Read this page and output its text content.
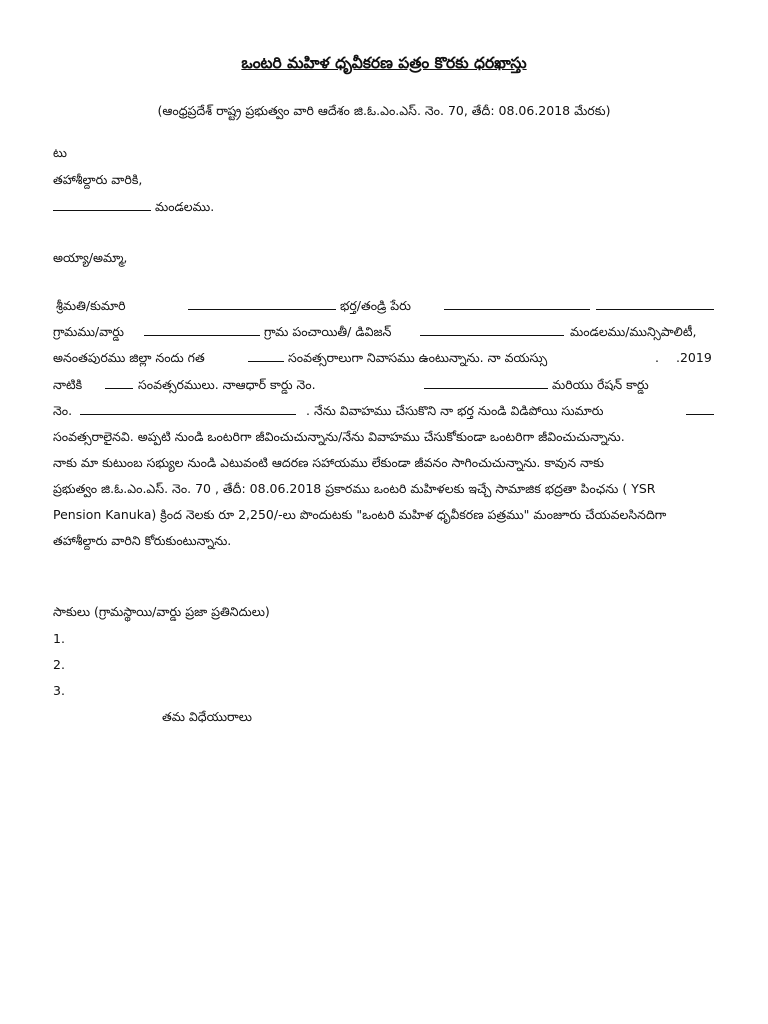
ఒంటరి మహిళ ధృవీకరణ పత్రం కొరకు ధరఖాస్తు
(ఆంధ్రప్రదేశ్ రాష్ట్ర ప్రభుత్వం వారి ఆదేశం జి.ఓ.ఎం.ఎస్. నెం. 70, తేదీ: 08.06.2018 మేరకు)
టు
తహాశీల్దారు వారికి,
మండలము.
అయ్యా/అమ్మా,
శ్రీమతి/కుమారి	భర్త/తండ్రి పేరు
గ్రామము/వార్డు	గ్రామ పంచాయితీ/ డివిజన్	మండలము/మున్సిపాలిటీ,
అనంతపురము జిల్లా నందు గత	సంవత్సరాలుగా నివాసము ఉంటున్నాను. నా వయస్సు	. .2019
నాటికి	సంవత్సరములు. నాఆధార్ కార్డు నెం.	మరియు రేషన్ కార్డు
నెం.	. నేను వివాహము చేసుకొని నా భర్త నుండి విడిపోయి సుమారు
సంవత్సరాలైనవి. అప్పటి నుండి ఒంటరిగా జీవించుచున్నాను/నేను వివాహము చేసుకోకుండా ఒంటరిగా జీవించుచున్నాను.
నాకు మా కుటుంబ సభ్యుల నుండి ఎటువంటి ఆదరణ సహాయము లేకుండా జీవనం సాగించుచున్నాను. కావున నాకు
ప్రభుత్వం జి.ఓ.ఎం.ఎస్. నెం. 70 , తేదీ: 08.06.2018 ప్రకారము ఒంటరి మహిళలకు ఇచ్చే సామాజిక భద్రతా పింఛను ( YSR
Pension Kanuka) క్రింద నెలకు రూ 2,250/-లు పొందుటకు "ఒంటరి మహిళ ధృవీకరణ పత్రము" మంజూరు చేయవలసినదిగా
తహాశీల్దారు వారిని కోరుకుంటున్నాను.
సాకులు (గ్రామస్థాయి/వార్డు ప్రజా ప్రతినిదులు)
1.
2.
3.
తమ విధేయురాలు
